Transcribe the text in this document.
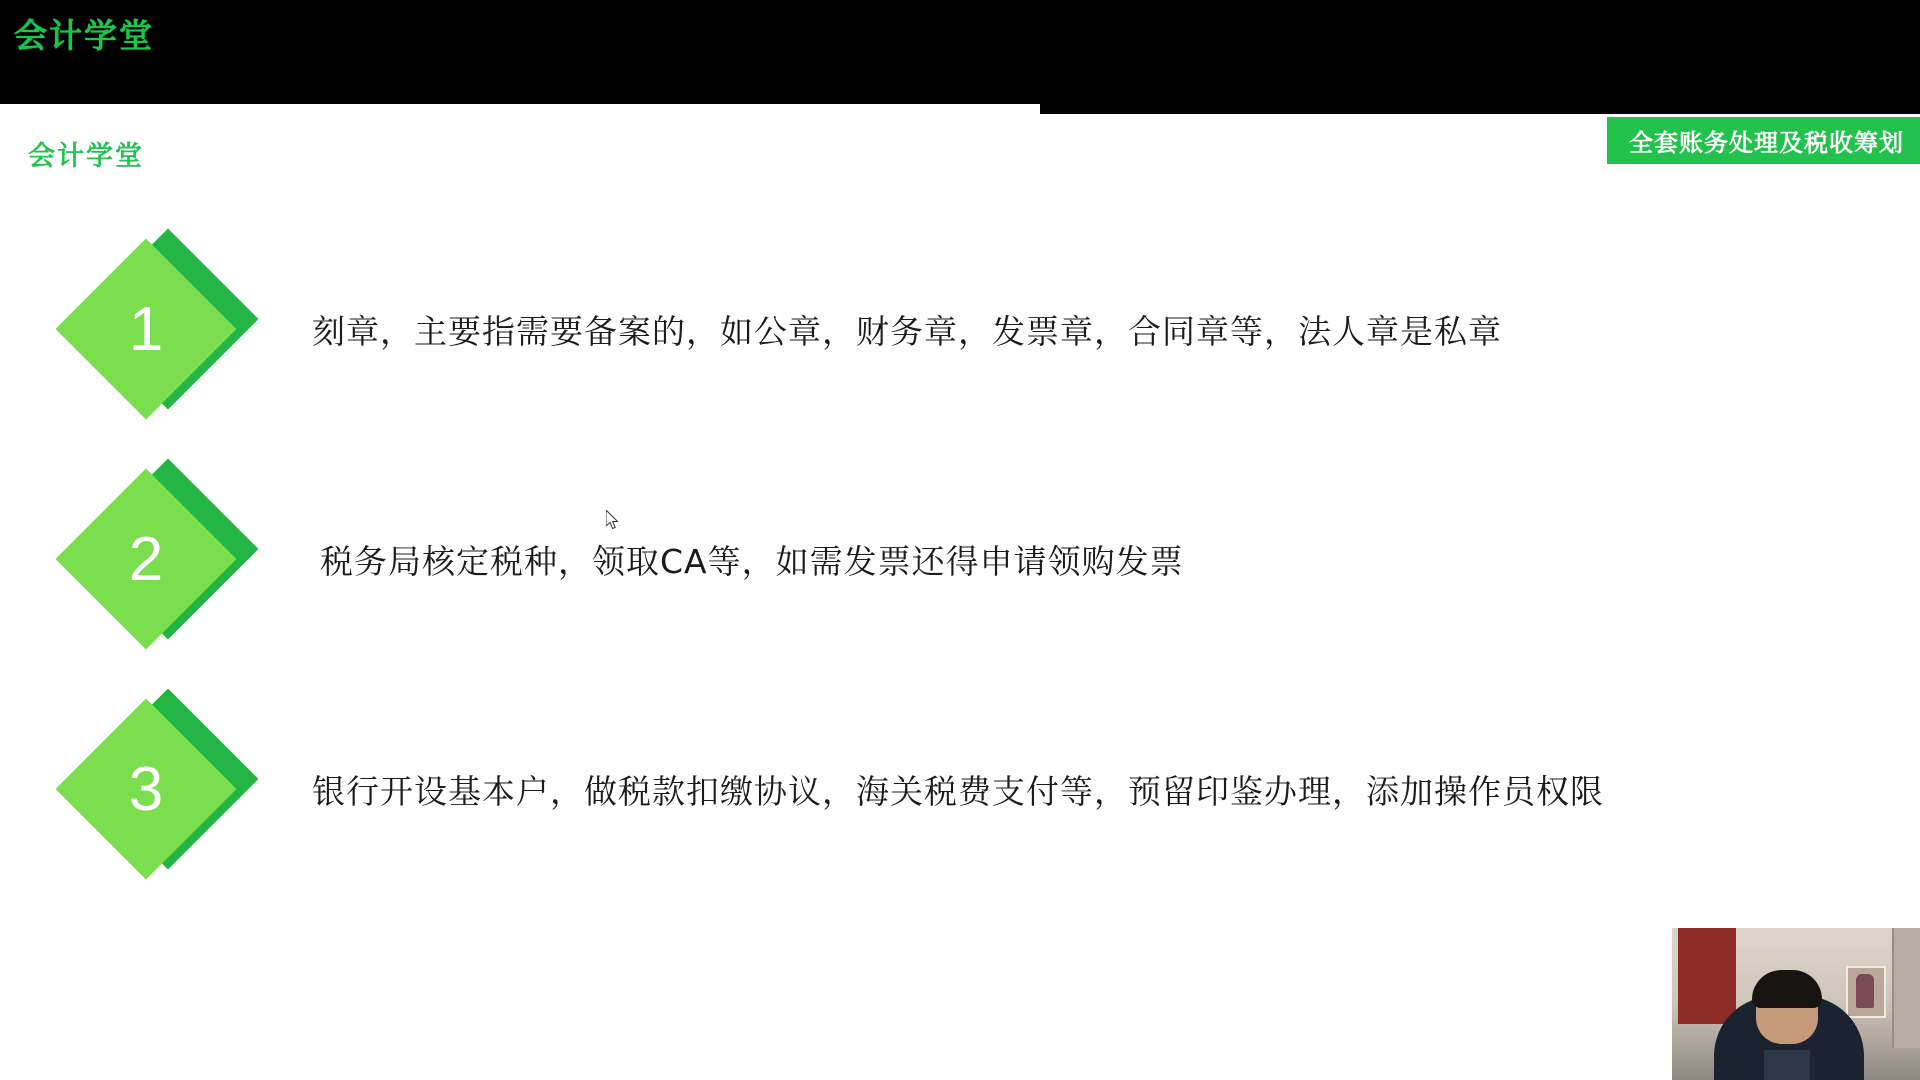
会计学堂
会计学堂	全套账务处理及税收筹划
1	刻章，主要指需要备案的，如公章，财务章，发票章，合同章等，法人章是私章
2	税务局核定税种，领取CA等，如需发票还得申请领购发票
3	银行开设基本户，做税款扣缴协议，海关税费支付等，预留印鉴办理，添加操作员权限
